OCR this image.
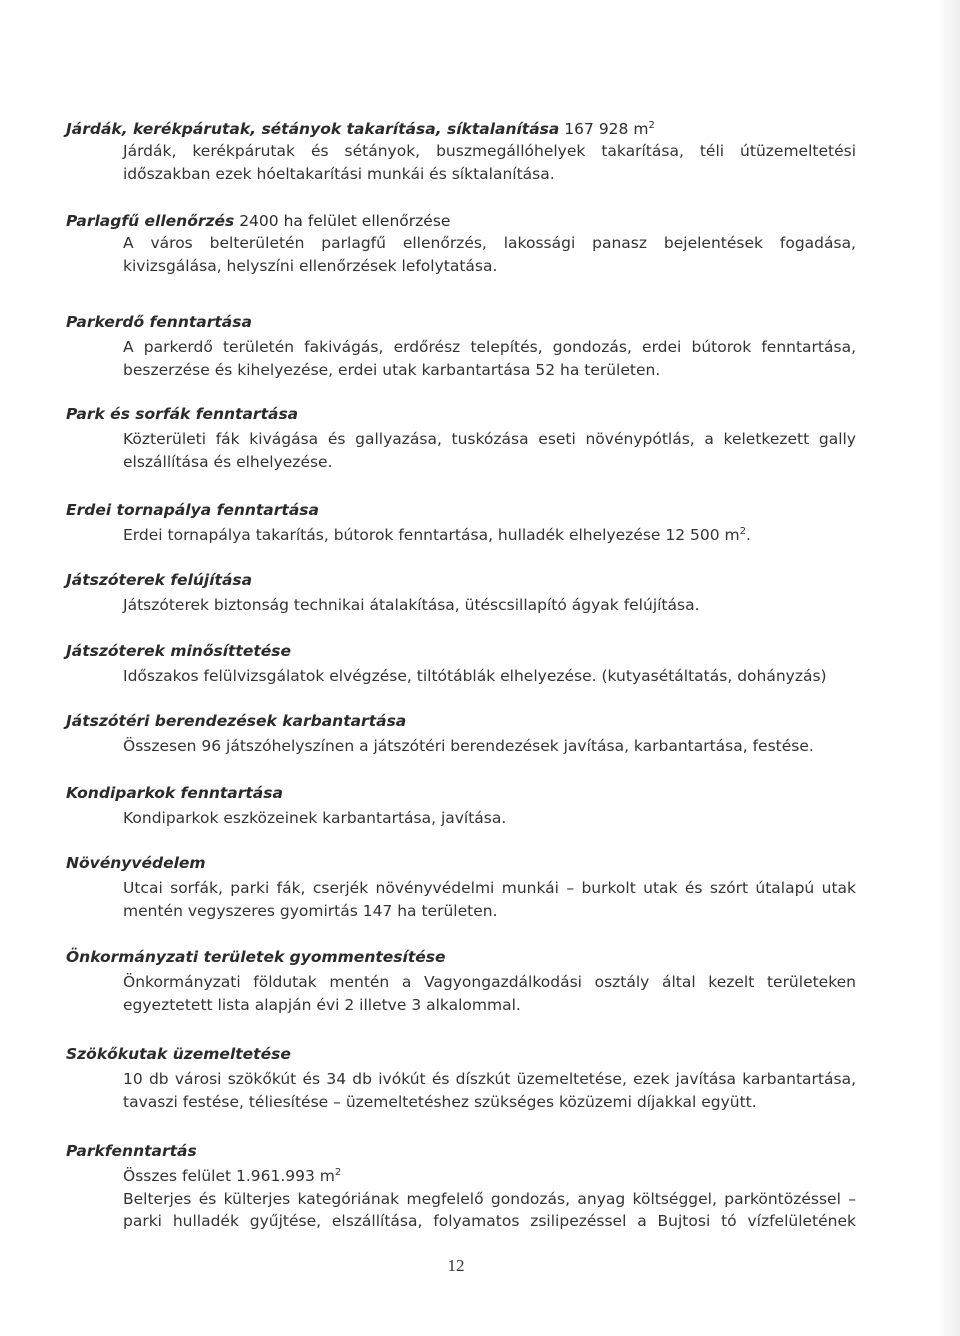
Járdák, kerékpárutak, sétányok takarítása, síktalanítása 167 928 $m^2$
Járdák, kerékpárutak és sétányok, buszmegállóhelyek takarítása, téli útüzemeltetési
időszakban ezek hóeltakarítási munkái és síktalanítása.
Parlagfű ellenőrzés 2400 ha felület ellenőrzése
A város belterületén parlagfű ellenőrzés, lakossági panasz bejelentések fogadása,
kivizsgálása, helyszíni ellenőrzések lefolytatása.
Parkerdő fenntartása
A parkerdő területén fakivágás, erdőrész telepítés, gondozás, erdei bútorok fenntartása,
beszerzése és kihelyezése, erdei utak karbantartása 52 ha területen.
Park és sorfák fenntartása
Közterületi fák kivágása és gallyazása, tuskózása eseti növénypótlás, a keletkezett gally
elszállítása és elhelyezése.
Erdei tornapálya fenntartása
Erdei tornapálya takarítás, bútorok fenntartása, hulladék elhelyezése 12 500 $m^2$.
Játszóterek felújítása
Játszóterek biztonság technikai átalakítása, ütéscsillapító ágyak felújítása.
Játszóterek minősíttetése
Időszakos felülvizsgálatok elvégzése, tiltótáblák elhelyezése. (kutyasétáltatás, dohányzás)
Játszótéri berendezések karbantartása
Összesen 96 játszóhelyszínen a játszótéri berendezések javítása, karbantartása, festése.
Kondiparkok fenntartása
Kondiparkok eszközeinek karbantartása, javítása.
Növényvédelem
Utcai sorfák, parki fák, cserjék növényvédelmi munkái – burkolt utak és szórt útalapú utak
mentén vegyszeres gyomirtás 147 ha területen.
Önkormányzati területek gyommentesítése
Önkormányzati földutak mentén a Vagyongazdálkodási osztály által kezelt területeken
egyeztetett lista alapján évi 2 illetve 3 alkalommal.
Szökőkutak üzemeltetése
10 db városi szökőkút és 34 db ivókút és díszkút üzemeltetése, ezek javítása karbantartása,
tavaszi festése, téliesítése – üzemeltetéshez szükséges közüzemi díjakkal együtt.
Parkfenntartás
Összes felület 1.961.993 $m^2$
Belterjes és külterjes kategóriának megfelelő gondozás, anyag költséggel, parköntözéssel –
parki hulladék gyűjtése, elszállítása, folyamatos zsilipezéssel a Bujtosi tó vízfelületének
12
